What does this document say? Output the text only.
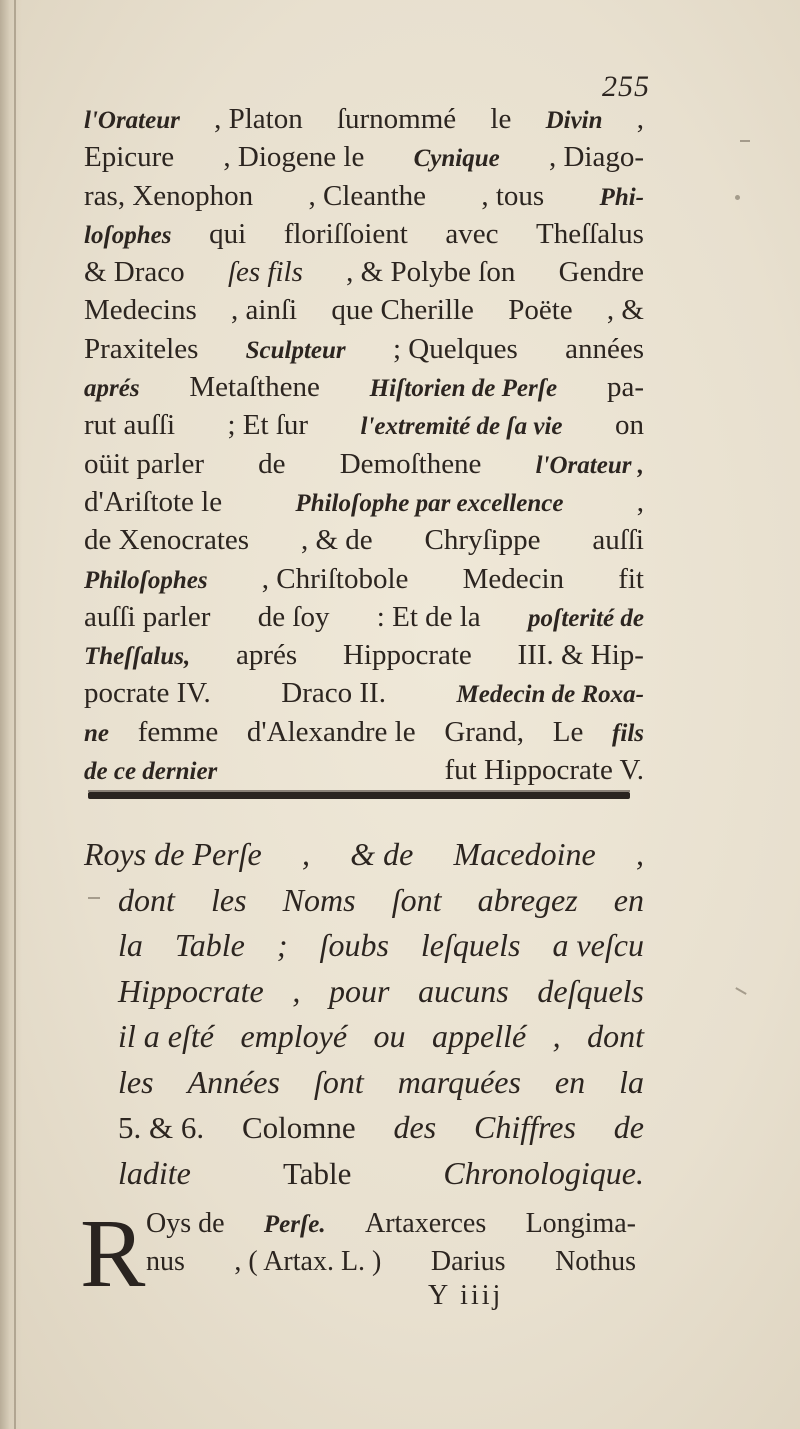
255
l'Orateur , Platon ſurnommé le Divin ,
Epicure , Diogene le Cynique , Diago-
ras, Xenophon , Cleanthe , tous Phi-
loſophes qui floriſſoient avec Theſſalus
& Draco ſes fils , & Polybe ſon Gendre
Medecins , ainſi que Cherille Poëte , &
Praxiteles Sculpteur ; Quelques années
aprés Metaſthene Hiſtorien de Perſe pa-
rut auſſi ; Et ſur l'extremité de ſa vie on
oüit parler de Demoſthene l'Orateur ,
d'Ariſtote le	Philoſophe par excellence	,
de Xenocrates , & de Chryſippe auſſi
Philoſophes , Chriſtobole Medecin fit
auſſi parler de ſoy : Et de la poſterité de
Theſſalus, aprés Hippocrate III. & Hip-
pocrate IV. Draco II.	Medecin de Roxa-
ne femme d'Alexandre le Grand, Le fils
de ce dernier	fut Hippocrate V.
Roys de Perſe , & de Macedoine ,
dont les Noms ſont abregez en
la Table ; ſoubs leſquels a veſcu
Hippocrate , pour aucuns deſquels
il a eſté employé ou appellé , dont
les Années ſont marquées en la
5. & 6. Colomne des Chiffres de
ladite	Table	Chronologique.
R Oys de Perſe. Artaxerces Longima-
nus , ( Artax. L. ) Darius Nothus
Y iiij
